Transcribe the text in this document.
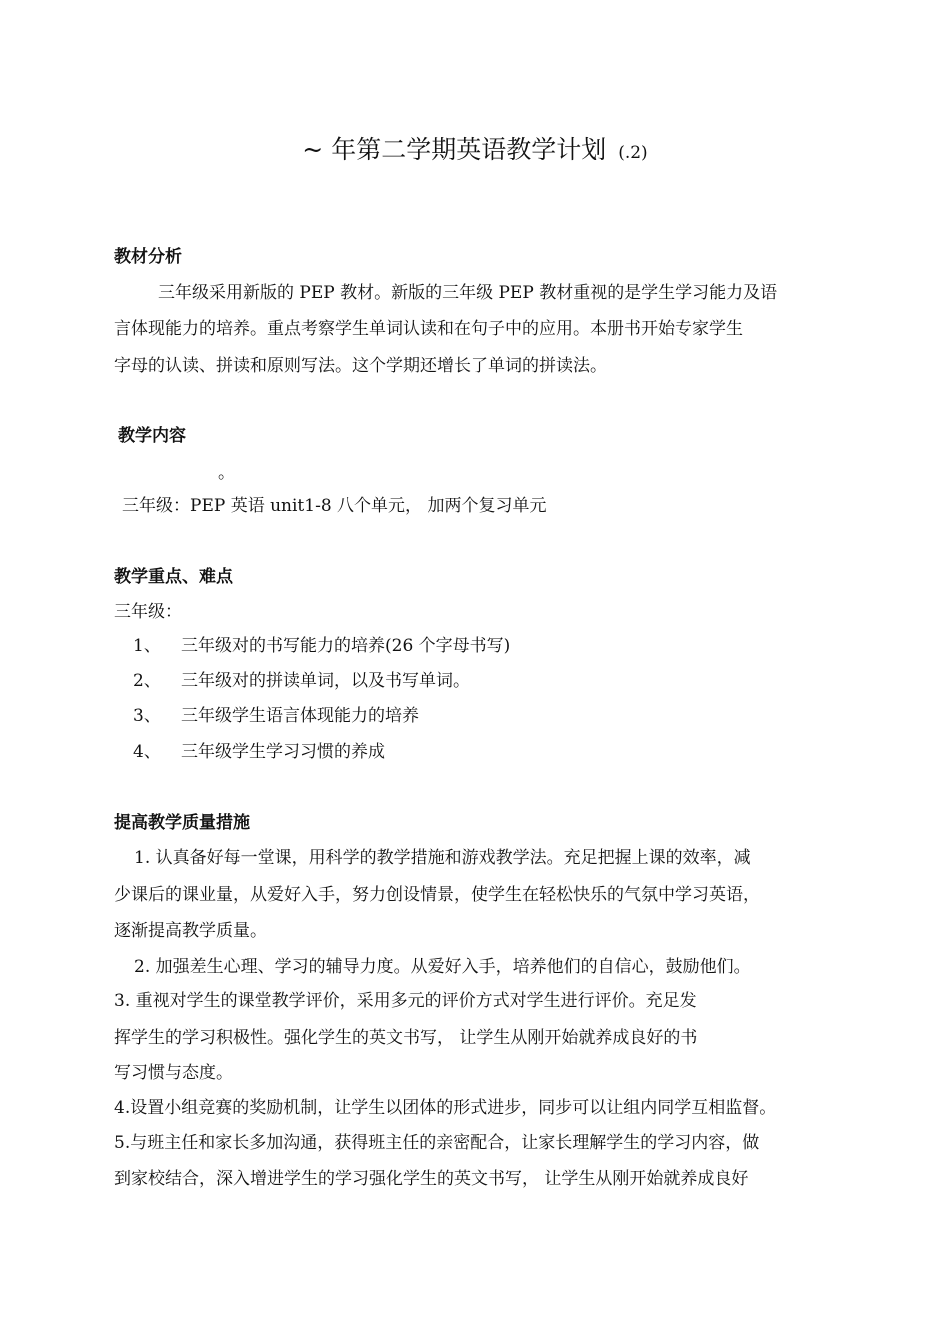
~ 年第二学期英语教学计划 (.2)
教材分析
三年级采用新版的 PEP 教材。新版的三年级 PEP 教材重视的是学生学习能力及语
言体现能力的培养。重点考察学生单词认读和在句子中的应用。本册书开始专家学生
字母的认读、拼读和原则写法。这个学期还增长了单词的拼读法。
教学内容
。
三年级：PEP 英语 unit1-8 八个单元， 加两个复习单元
教学重点、难点
三年级：
1、 三年级对的书写能力的培养(26 个字母书写)
2、 三年级对的拼读单词，以及书写单词。
3、 三年级学生语言体现能力的培养
4、 三年级学生学习习惯的养成
提高教学质量措施
1. 认真备好每一堂课，用科学的教学措施和游戏教学法。充足把握上课的效率，减
少课后的课业量，从爱好入手，努力创设情景，使学生在轻松快乐的气氛中学习英语，
逐渐提高教学质量。
2. 加强差生心理、学习的辅导力度。从爱好入手，培养他们的自信心，鼓励他们。
3. 重视对学生的课堂教学评价，采用多元的评价方式对学生进行评价。充足发
挥学生的学习积极性。强化学生的英文书写， 让学生从刚开始就养成良好的书
写习惯与态度。
4.设置小组竞赛的奖励机制，让学生以团体的形式进步，同步可以让组内同学互相监督。
5.与班主任和家长多加沟通，获得班主任的亲密配合，让家长理解学生的学习内容，做
到家校结合，深入增进学生的学习强化学生的英文书写， 让学生从刚开始就养成良好
